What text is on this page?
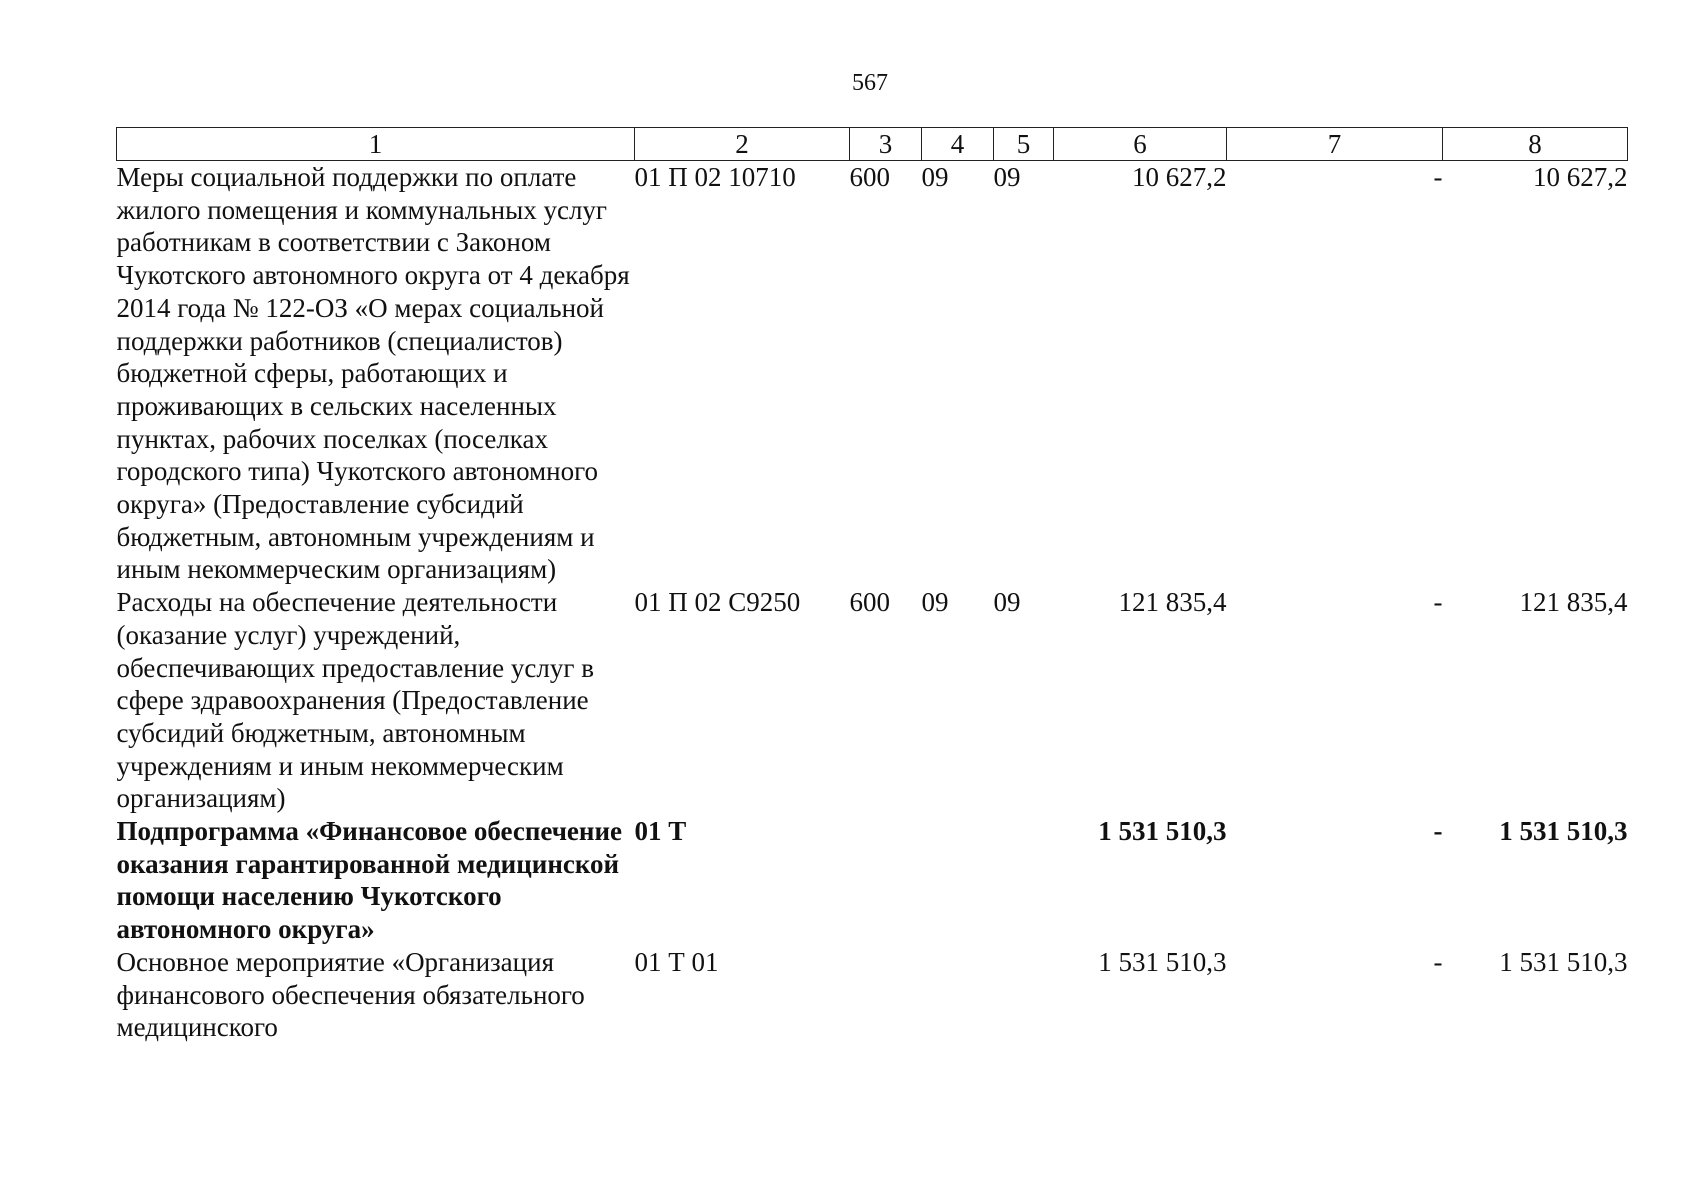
567
1	2	3	4	5	6	7	8
Меры социальной поддержки по оплате жилого помещения и коммунальных услуг работникам в соответствии с Законом Чукотского автономного округа от 4 декабря 2014 года № 122-ОЗ «О мерах социальной поддержки работников (специалистов) бюджетной сферы, работающих и проживающих в сельских населенных пунктах, рабочих поселках (поселках городского типа) Чукотского автономного округа» (Предоставление субсидий бюджетным, автономным учреждениям и иным некоммерческим организациям)	01 П 02 10710	600	09	09	10 627,2	-	10 627,2
Расходы на обеспечение деятельности (оказание услуг) учреждений, обеспечивающих предоставление услуг в сфере здравоохранения (Предоставление субсидий бюджетным, автономным учреждениям и иным некоммерческим организациям)	01 П 02 С9250	600	09	09	121 835,4	-	121 835,4
Подпрограмма «Финансовое обеспечение оказания гарантированной медицинской помощи населению Чукотского автономного округа»	01 Т				1 531 510,3	-	1 531 510,3
Основное мероприятие «Организация финансового обеспечения обязательного медицинского	01 Т 01				1 531 510,3	-	1 531 510,3
